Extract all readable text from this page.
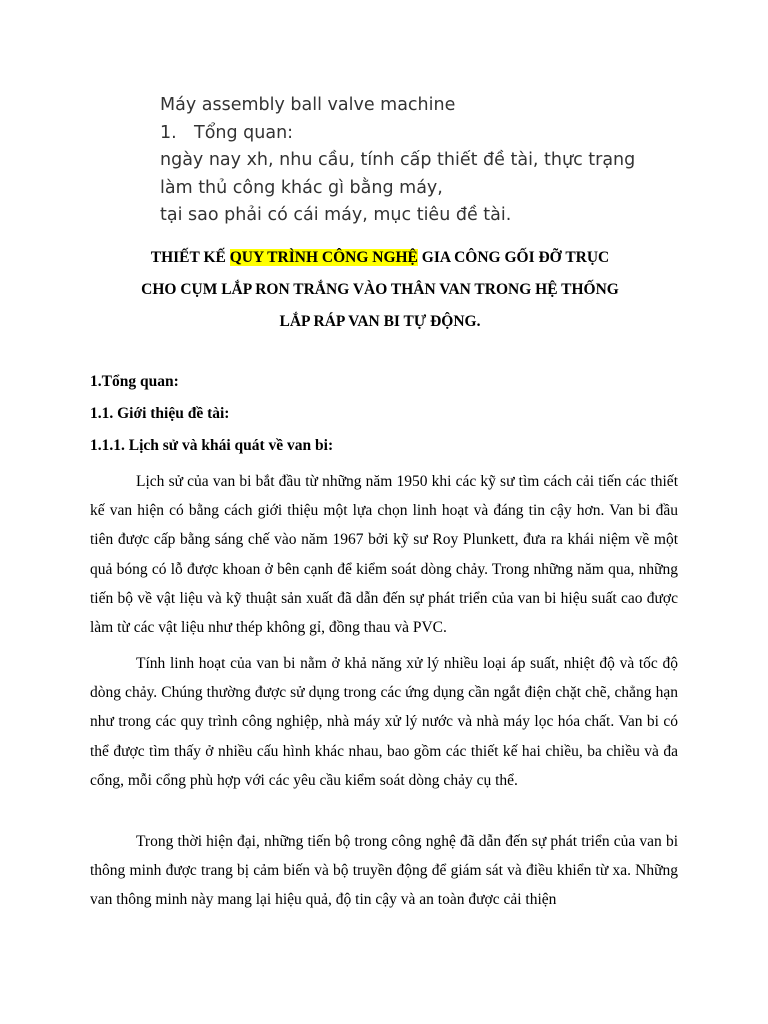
Máy assembly ball valve machine
1. Tổng quan:
ngày nay xh, nhu cầu, tính cấp thiết đề tài, thực trạng
làm thủ công khác gì bằng máy,
tại sao phải có cái máy, mục tiêu đề tài.
THIẾT KẾ QUY TRÌNH CÔNG NGHỆ GIA CÔNG GỐI ĐỠ TRỤC
CHO CỤM LẮP RON TRẮNG VÀO THÂN VAN TRONG HỆ THỐNG
LẮP RÁP VAN BI TỰ ĐỘNG.
1.Tổng quan:
1.1. Giới thiệu đề tài:
1.1.1. Lịch sử và khái quát về van bi:

Lịch sử của van bi bắt đầu từ những năm 1950 khi các kỹ sư tìm cách cải tiến các thiết kế van hiện có bằng cách giới thiệu một lựa chọn linh hoạt và đáng tin cậy hơn. Van bi đầu tiên được cấp bằng sáng chế vào năm 1967 bởi kỹ sư Roy Plunkett, đưa ra khái niệm về một quả bóng có lỗ được khoan ở bên cạnh để kiểm soát dòng chảy. Trong những năm qua, những tiến bộ về vật liệu và kỹ thuật sản xuất đã dẫn đến sự phát triển của van bi hiệu suất cao được làm từ các vật liệu như thép không gỉ, đồng thau và PVC.

Tính linh hoạt của van bi nằm ở khả năng xử lý nhiều loại áp suất, nhiệt độ và tốc độ dòng chảy. Chúng thường được sử dụng trong các ứng dụng cần ngắt điện chặt chẽ, chẳng hạn như trong các quy trình công nghiệp, nhà máy xử lý nước và nhà máy lọc hóa chất. Van bi có thể được tìm thấy ở nhiều cấu hình khác nhau, bao gồm các thiết kế hai chiều, ba chiều và đa cổng, mỗi cổng phù hợp với các yêu cầu kiểm soát dòng chảy cụ thể.

Trong thời hiện đại, những tiến bộ trong công nghệ đã dẫn đến sự phát triển của van bi thông minh được trang bị cảm biến và bộ truyền động để giám sát và điều khiển từ xa. Những van thông minh này mang lại hiệu quả, độ tin cậy và an toàn được cải thiện
